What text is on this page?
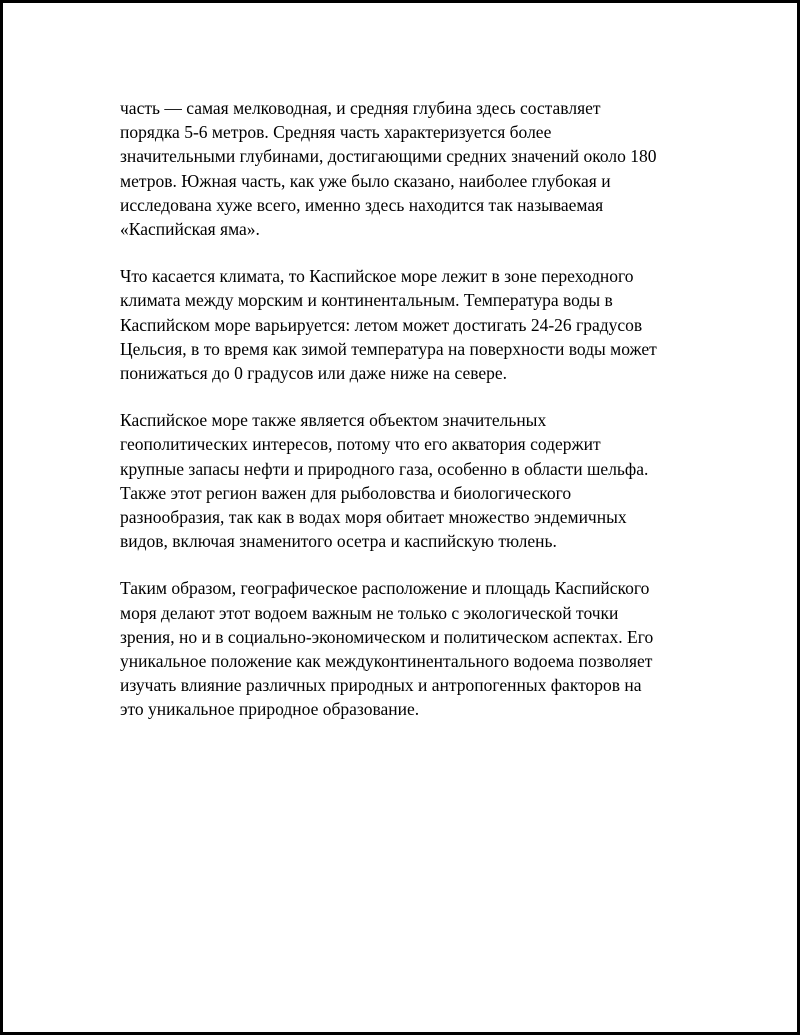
часть — самая мелководная, и средняя глубина здесь составляет
порядка 5-6 метров. Средняя часть характеризуется более
значительными глубинами, достигающими средних значений около 180
метров. Южная часть, как уже было сказано, наиболее глубокая и
исследована хуже всего, именно здесь находится так называемая
«Каспийская яма».

Что касается климата, то Каспийское море лежит в зоне переходного
климата между морским и континентальным. Температура воды в
Каспийском море варьируется: летом может достигать 24-26 градусов
Цельсия, в то время как зимой температура на поверхности воды может
понижаться до 0 градусов или даже ниже на севере.

Каспийское море также является объектом значительных
геополитических интересов, потому что его акватория содержит
крупные запасы нефти и природного газа, особенно в области шельфа.
Также этот регион важен для рыболовства и биологического
разнообразия, так как в водах моря обитает множество эндемичных
видов, включая знаменитого осетра и каспийскую тюлень.

Таким образом, географическое расположение и площадь Каспийского
моря делают этот водоем важным не только с экологической точки
зрения, но и в социально-экономическом и политическом аспектах. Его
уникальное положение как междуконтинентального водоема позволяет
изучать влияние различных природных и антропогенных факторов на
это уникальное природное образование.
